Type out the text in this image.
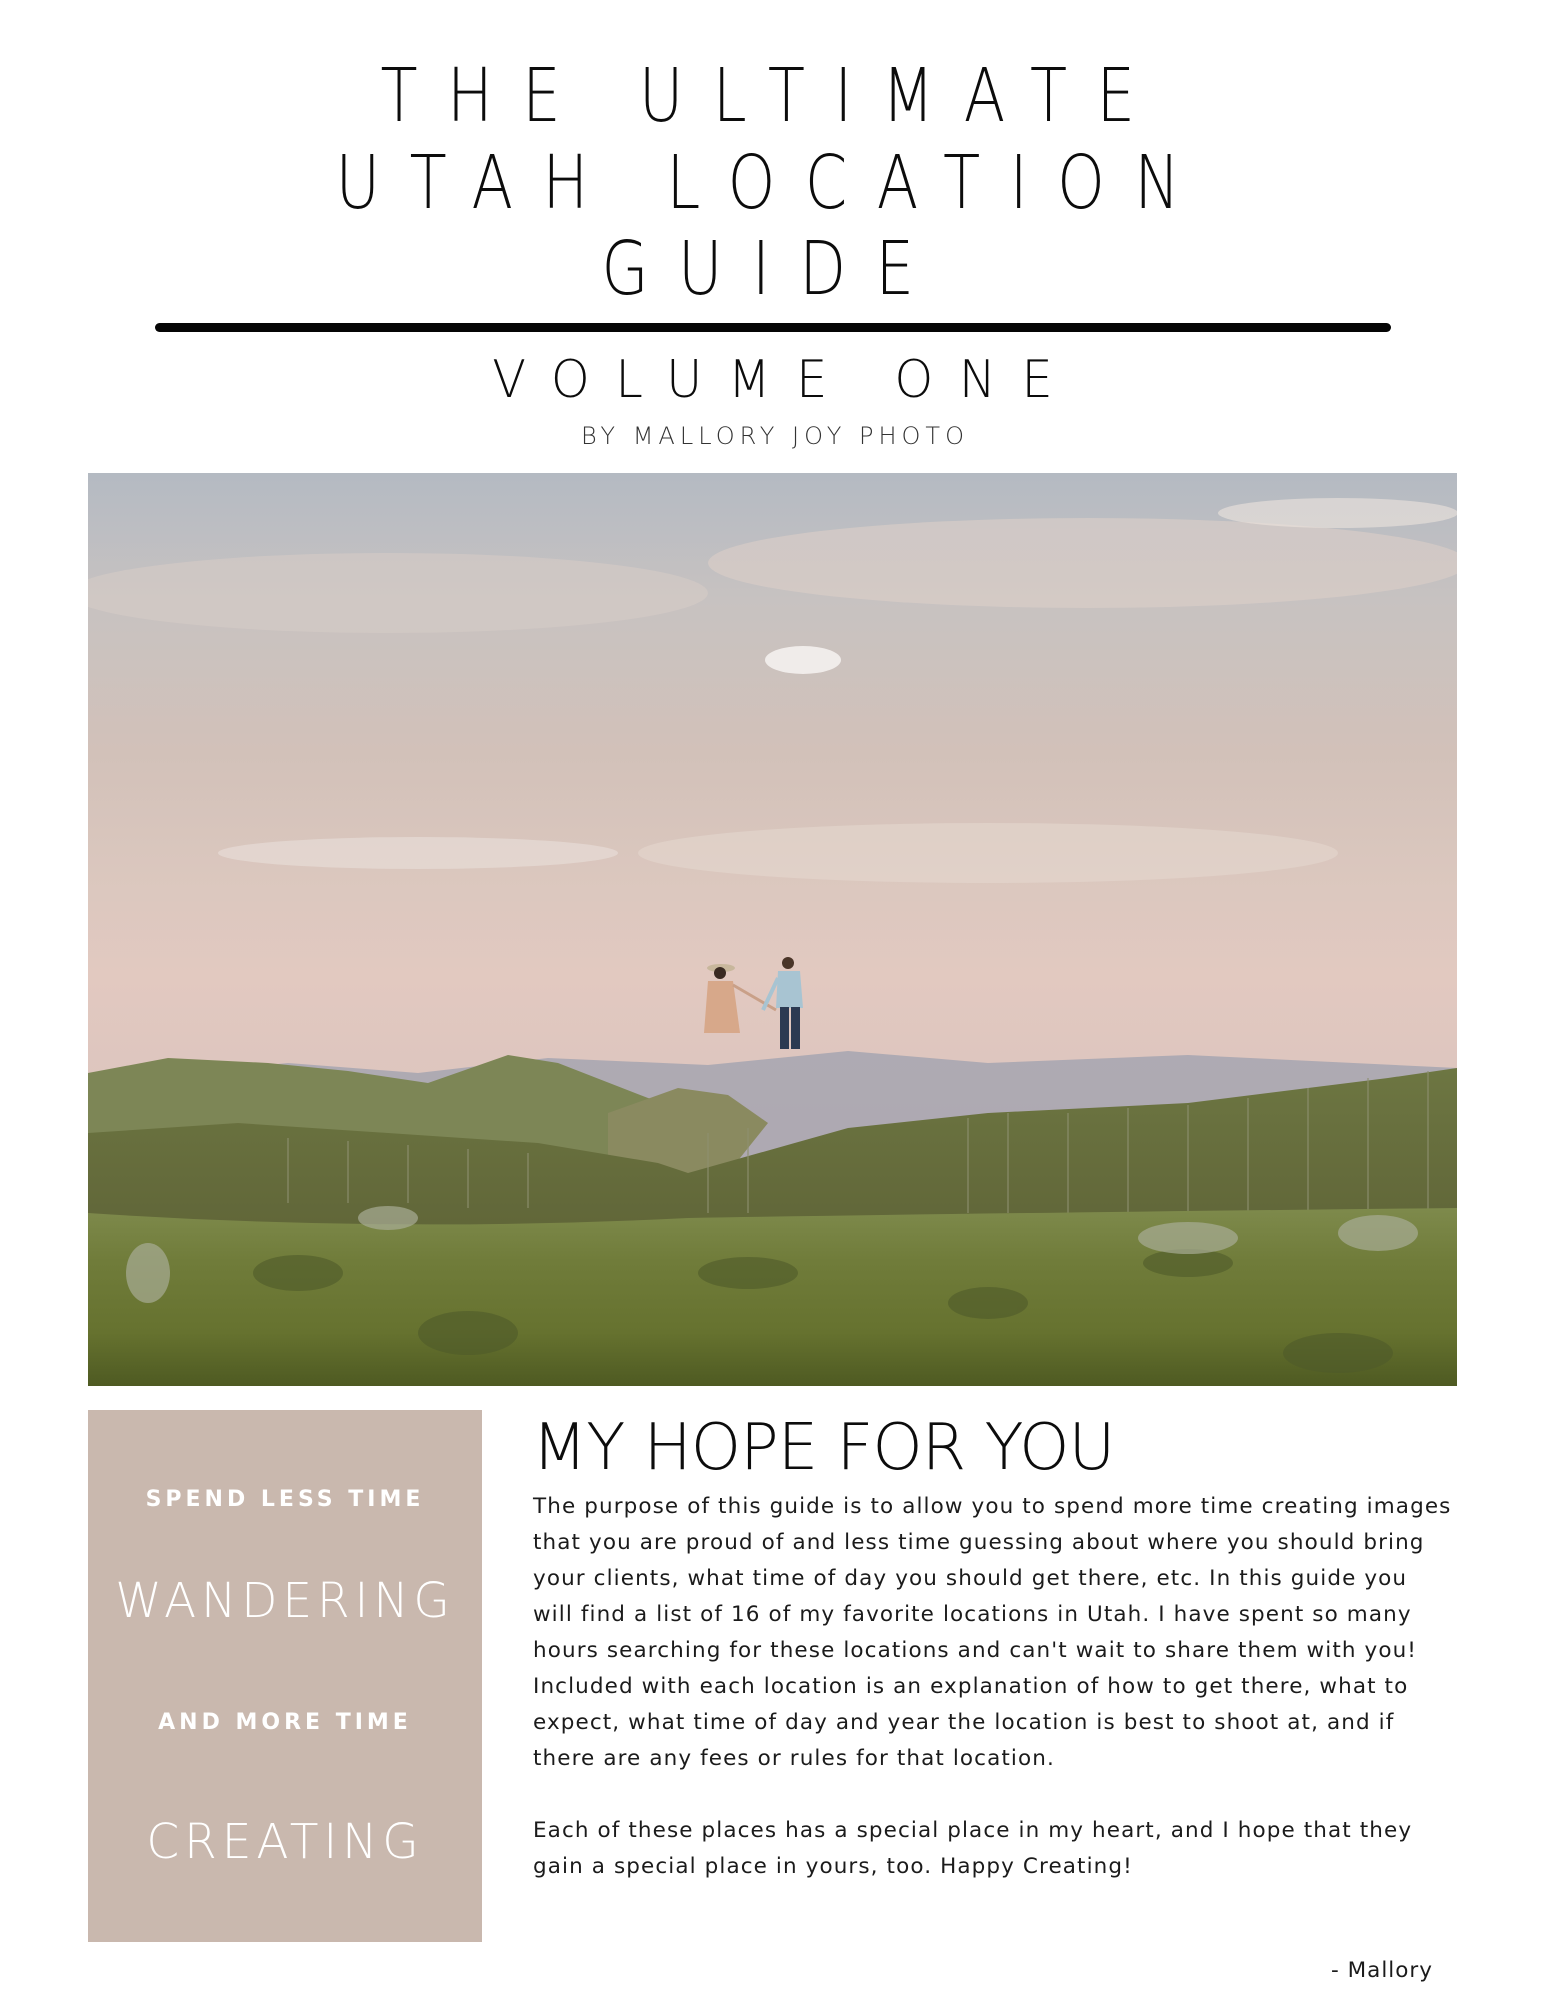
THE ULTIMATE
UTAH LOCATION
GUIDE
VOLUME ONE
BY MALLORY JOY PHOTO
SPEND LESS TIME
WANDERING
AND MORE TIME
CREATING
MY HOPE FOR YOU

The purpose of this guide is to allow you to spend more time creating images that you are proud of and less time guessing about where you should bring your clients, what time of day you should get there, etc. In this guide you will find a list of 16 of my favorite locations in Utah. I have spent so many hours searching for these locations and can't wait to share them with you! Included with each location is an explanation of how to get there, what to expect, what time of day and year the location is best to shoot at, and if there are any fees or rules for that location.

Each of these places has a special place in my heart, and I hope that they gain a special place in yours, too. Happy Creating!

- Mallory
